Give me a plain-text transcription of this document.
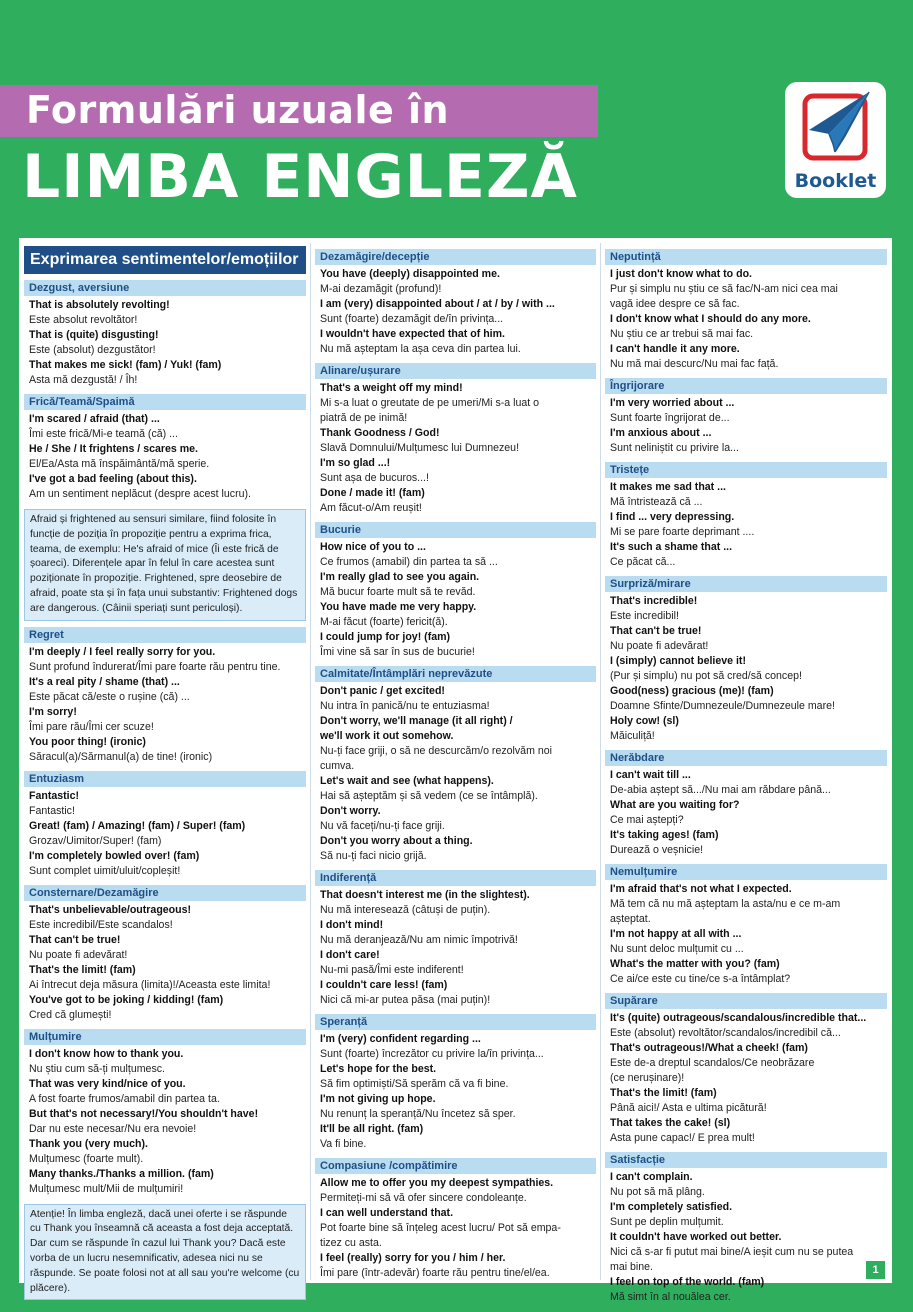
Formulări uzuale în
LIMBA ENGLEZĂ	Booklet
Exprimarea sentimentelor/emoțiilor
Dezgust, aversiune
That is absolutely revolting!
Este absolut revoltător!
That is (quite) disgusting!
Este (absolut) dezgustător!
That makes me sick! (fam) / Yuk! (fam)
Asta mă dezgustă! / Îh!
Frică/Teamă/Spaimă
I'm scared / afraid (that) ...
Îmi este frică/Mi-e teamă (că) ...
He / She / It frightens / scares me.
El/Ea/Asta mă înspăimântă/mă sperie.
I've got a bad feeling (about this).
Am un sentiment neplăcut (despre acest lucru).
Afraid și frightened au sensuri similare, fiind folosite în funcție de poziția în propoziție pentru a exprima frica, teama, de exemplu: He's afraid of mice (Îi este frică de șoareci). Diferențele apar în felul în care acestea sunt poziționate în propoziție. Frightened, spre deosebire de afraid, poate sta și în fața unui substantiv: Frightened dogs are dangerous. (Câinii speriați sunt periculoși).
Regret
I'm deeply / I feel really sorry for you.
Sunt profund îndurerat/Îmi pare foarte rău pentru tine.
It's a real pity / shame (that) ...
Este păcat că/este o rușine (că) ...
I'm sorry!
Îmi pare rău/Îmi cer scuze!
You poor thing! (ironic)
Săracul(a)/Sărmanul(a) de tine! (ironic)
Entuziasm
Fantastic!
Fantastic!
Great! (fam) / Amazing! (fam) / Super! (fam)
Grozav/Uimitor/Super! (fam)
I'm completely bowled over! (fam)
Sunt complet uimit/uluit/copleșit!
Consternare/Dezamăgire
That's unbelievable/outrageous!
Este incredibil/Este scandalos!
That can't be true!
Nu poate fi adevărat!
That's the limit! (fam)
Ai întrecut deja măsura (limita)!/Aceasta este limita!
You've got to be joking / kidding! (fam)
Cred că glumești!
Mulțumire
I don't know how to thank you.
Nu știu cum să-ți mulțumesc.
That was very kind/nice of you.
A fost foarte frumos/amabil din partea ta.
But that's not necessary!/You shouldn't have!
Dar nu este necesar/Nu era nevoie!
Thank you (very much).
Mulțumesc (foarte mult).
Many thanks./Thanks a million. (fam)
Mulțumesc mult/Mii de mulțumiri!
Atenție! În limba engleză, dacă unei oferte i se răspunde cu Thank you înseamnă că aceasta a fost deja acceptată. Dar cum se răspunde în cazul lui Thank you? Dacă este vorba de un lucru nesemnificativ, adesea nici nu se răspunde. Se poate folosi not at all sau you're welcome (cu plăcere).
Dezamăgire/decepție
You have (deeply) disappointed me.
M-ai dezamăgit (profund)!
I am (very) disappointed about / at / by / with ...
Sunt (foarte) dezamăgit de/în privința...
I wouldn't have expected that of him.
Nu mă așteptam la așa ceva din partea lui.
Alinare/ușurare
That's a weight off my mind!
Mi s-a luat o greutate de pe umeri/Mi s-a luat o
piatră de pe inimă!
Thank Goodness / God!
Slavă Domnului/Mulțumesc lui Dumnezeu!
I'm so glad ...!
Sunt așa de bucuros...!
Done / made it! (fam)
Am făcut-o/Am reușit!
Bucurie
How nice of you to ...
Ce frumos (amabil) din partea ta să ...
I'm really glad to see you again.
Mă bucur foarte mult să te revăd.
You have made me very happy.
M-ai făcut (foarte) fericit(ă).
I could jump for joy! (fam)
Îmi vine să sar în sus de bucurie!
Calmitate/Întâmplări neprevăzute
Don't panic / get excited!
Nu intra în panică/nu te entuziasma!
Don't worry, we'll manage (it all right) /
we'll work it out somehow.
Nu-ți face griji, o să ne descurcăm/o rezolvăm noi
cumva.
Let's wait and see (what happens).
Hai să așteptăm și să vedem (ce se întâmplă).
Don't worry.
Nu vă faceți/nu-ți face griji.
Don't you worry about a thing.
Să nu-ți faci nicio grijă.
Indiferență
That doesn't interest me (in the slightest).
Nu mă interesează (câtuși de puțin).
I don't mind!
Nu mă deranjează/Nu am nimic împotrivă!
I don't care!
Nu-mi pasă/Îmi este indiferent!
I couldn't care less! (fam)
Nici că mi-ar putea păsa (mai puțin)!
Speranță
I'm (very) confident regarding ...
Sunt (foarte) încrezător cu privire la/în privința...
Let's hope for the best.
Să fim optimiști/Să sperăm că va fi bine.
I'm not giving up hope.
Nu renunț la speranță/Nu încetez să sper.
It'll be all right. (fam)
Va fi bine.
Compasiune /compătimire
Allow me to offer you my deepest sympathies.
Permiteți-mi să vă ofer sincere condoleanțe.
I can well understand that.
Pot foarte bine să înțeleg acest lucru/ Pot să empa-
tizez cu asta.
I feel (really) sorry for you / him / her.
Îmi pare (într-adevăr) foarte rău pentru tine/el/ea.
Neputință
I just don't know what to do.
Pur și simplu nu știu ce să fac/N-am nici cea mai
vagă idee despre ce să fac.
I don't know what I should do any more.
Nu știu ce ar trebui să mai fac.
I can't handle it any more.
Nu mă mai descurc/Nu mai fac față.
Îngrijorare
I'm very worried about ...
Sunt foarte îngrijorat de...
I'm anxious about ...
Sunt neliniștit cu privire la...
Tristețe
It makes me sad that ...
Mă întristează că ...
I find ... very depressing.
Mi se pare foarte deprimant ....
It's such a shame that ...
Ce păcat că...
Surpriză/mirare
That's incredible!
Este incredibil!
That can't be true!
Nu poate fi adevărat!
I (simply) cannot believe it!
(Pur și simplu) nu pot să cred/să concep!
Good(ness) gracious (me)! (fam)
Doamne Sfinte/Dumnezeule/Dumnezeule mare!
Holy cow! (sl)
Măiculiță!
Nerăbdare
I can't wait till ...
De-abia aștept să.../Nu mai am răbdare până...
What are you waiting for?
Ce mai aștepți?
It's taking ages! (fam)
Durează o veșnicie!
Nemulțumire
I'm afraid that's not what I expected.
Mă tem că nu mă așteptam la asta/nu e ce m-am
așteptat.
I'm not happy at all with ...
Nu sunt deloc mulțumit cu ...
What's the matter with you? (fam)
Ce ai/ce este cu tine/ce s-a întâmplat?
Supărare
It's (quite) outrageous/scandalous/incredible that...
Este (absolut) revoltător/scandalos/incredibil că...
That's outrageous!/What a cheek! (fam)
Este de-a dreptul scandalos/Ce neobrăzare
(ce nerușinare)!
That's the limit! (fam)
Până aici!/ Asta e ultima picătură!
That takes the cake! (sl)
Asta pune capac!/ E prea mult!
Satisfacție
I can't complain.
Nu pot să mă plâng.
I'm completely satisfied.
Sunt pe deplin mulțumit.
It couldn't have worked out better.
Nici că s-ar fi putut mai bine/A ieșit cum nu se putea
mai bine.
I feel on top of the world. (fam)
Mă simt în al nouălea cer.
1
